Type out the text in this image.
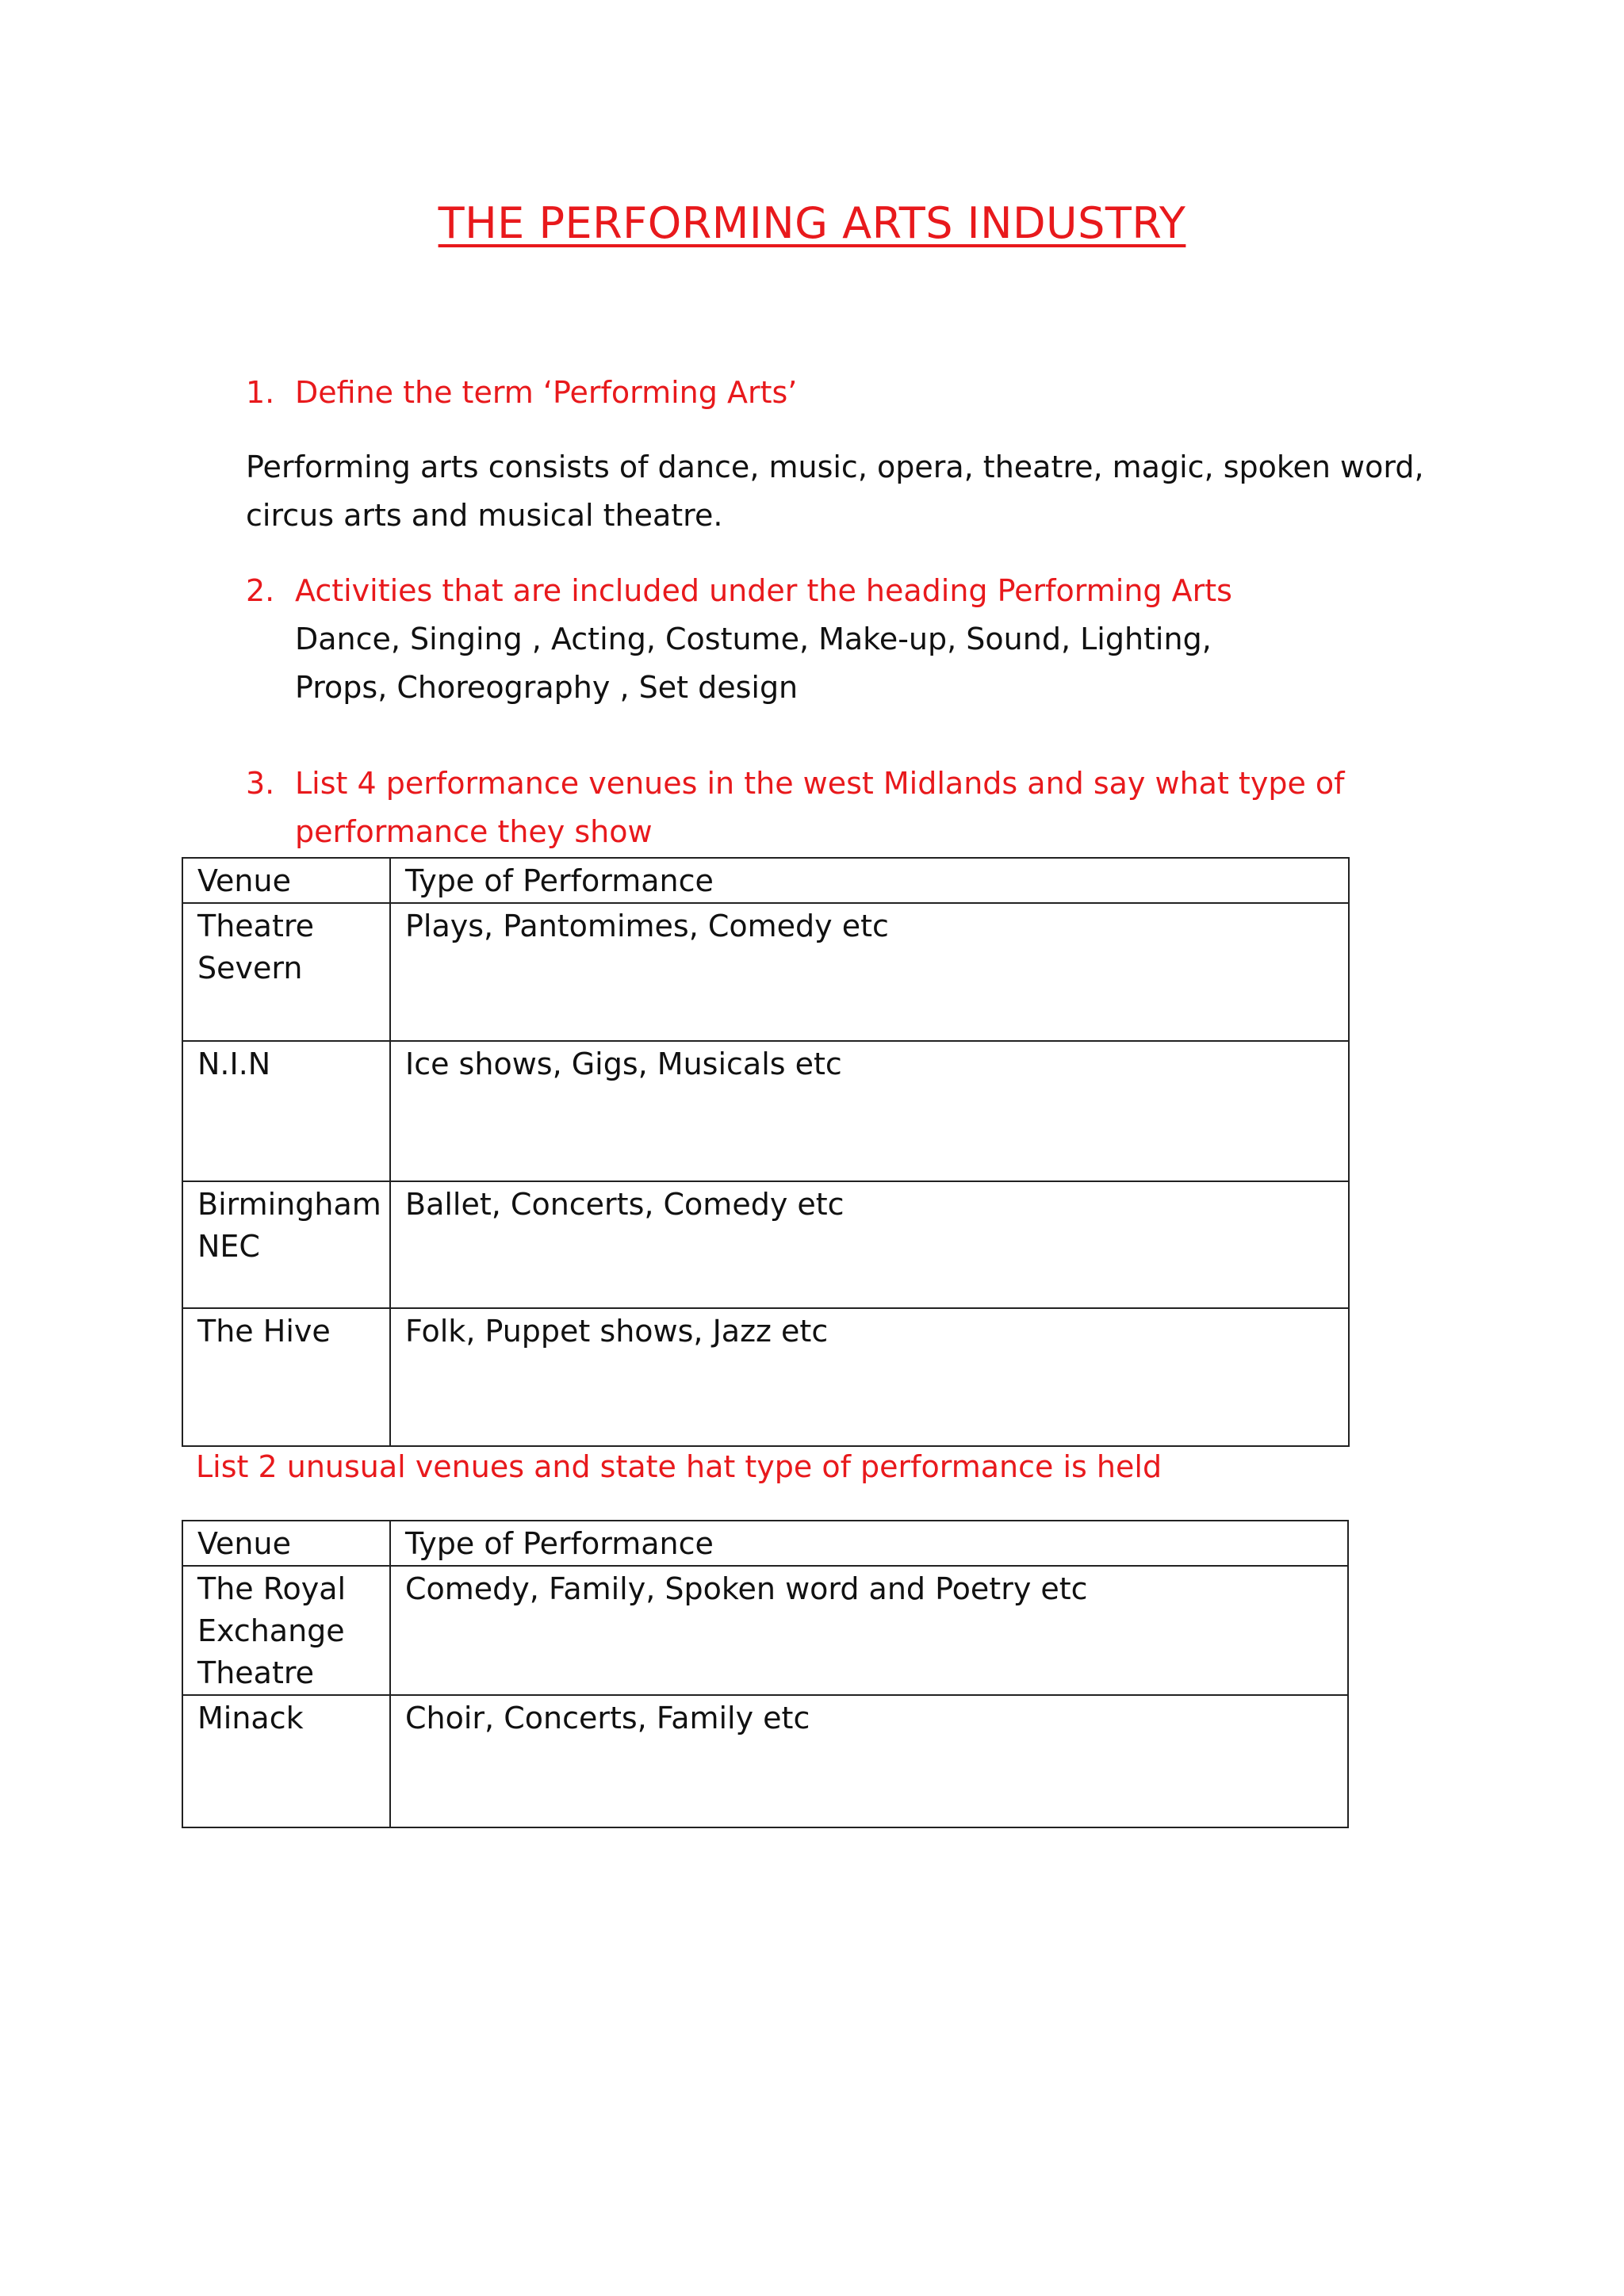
THE PERFORMING ARTS INDUSTRY
1. Define the term ‘Performing Arts’

Performing arts consists of dance, music, opera, theatre, magic, spoken word, circus arts and musical theatre.

2. Activities that are included under the heading Performing Arts

Dance, Singing , Acting, Costume, Make-up, Sound, Lighting, Props, Choreography , Set design

3. List 4 performance venues in the west Midlands and say what type of performance they show
Venue	Type of Performance
Theatre Severn	Plays, Pantomimes, Comedy etc
N.I.N	Ice shows, Gigs, Musicals etc
Birmingham NEC	Ballet, Concerts, Comedy etc
The Hive	Folk, Puppet shows, Jazz etc

List 2 unusual venues and state hat type of performance is held

Venue	Type of Performance
The Royal Exchange Theatre	Comedy, Family, Spoken word and Poetry etc
Minack	Choir, Concerts, Family etc
